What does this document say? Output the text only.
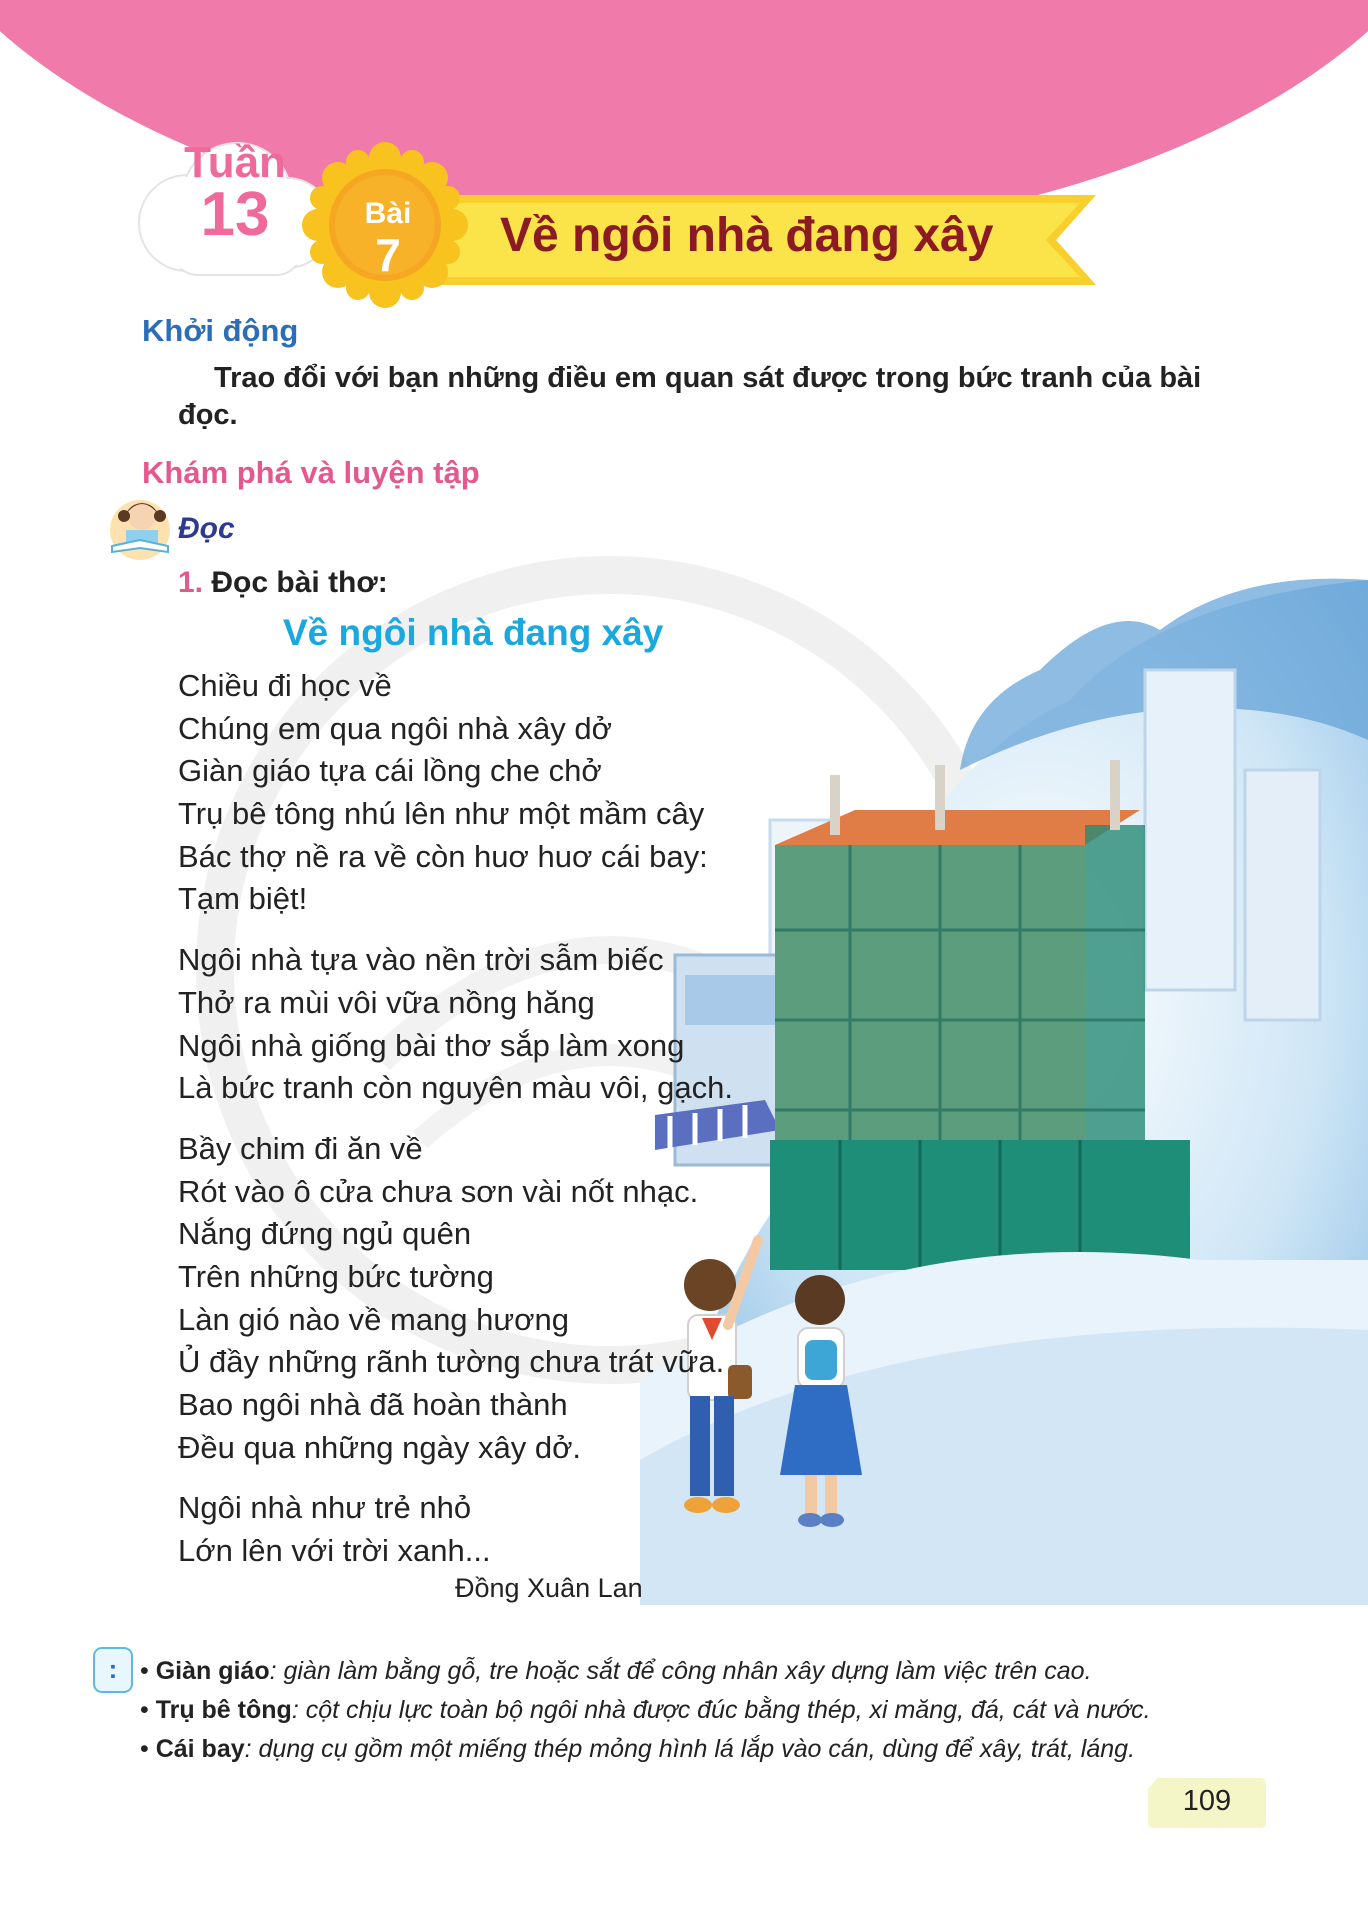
Tuần
13	Bài
7	Về ngôi nhà đang xây
Khởi động
Trao đổi với bạn những điều em quan sát được trong bức tranh của bài đọc.
Khám phá và luyện tập
Đọc
1. Đọc bài thơ:
Về ngôi nhà đang xây
Chiều đi học về
Chúng em qua ngôi nhà xây dở
Giàn giáo tựa cái lồng che chở
Trụ bê tông nhú lên như một mầm cây
Bác thợ nề ra về còn huơ huơ cái bay:
Tạm biệt!
Ngôi nhà tựa vào nền trời sẫm biếc
Thở ra mùi vôi vữa nồng hăng
Ngôi nhà giống bài thơ sắp làm xong
Là bức tranh còn nguyên màu vôi, gạch.
Bầy chim đi ăn về
Rót vào ô cửa chưa sơn vài nốt nhạc.
Nắng đứng ngủ quên
Trên những bức tường
Làn gió nào về mang hương
Ủ đầy những rãnh tường chưa trát vữa.
Bao ngôi nhà đã hoàn thành
Đều qua những ngày xây dở.
Ngôi nhà như trẻ nhỏ
Lớn lên với trời xanh...
Đồng Xuân Lan
: • Giàn giáo: giàn làm bằng gỗ, tre hoặc sắt để công nhân xây dựng làm việc trên cao.
• Trụ bê tông: cột chịu lực toàn bộ ngôi nhà được đúc bằng thép, xi măng, đá, cát và nước.
• Cái bay: dụng cụ gồm một miếng thép mỏng hình lá lắp vào cán, dùng để xây, trát, láng.
109
